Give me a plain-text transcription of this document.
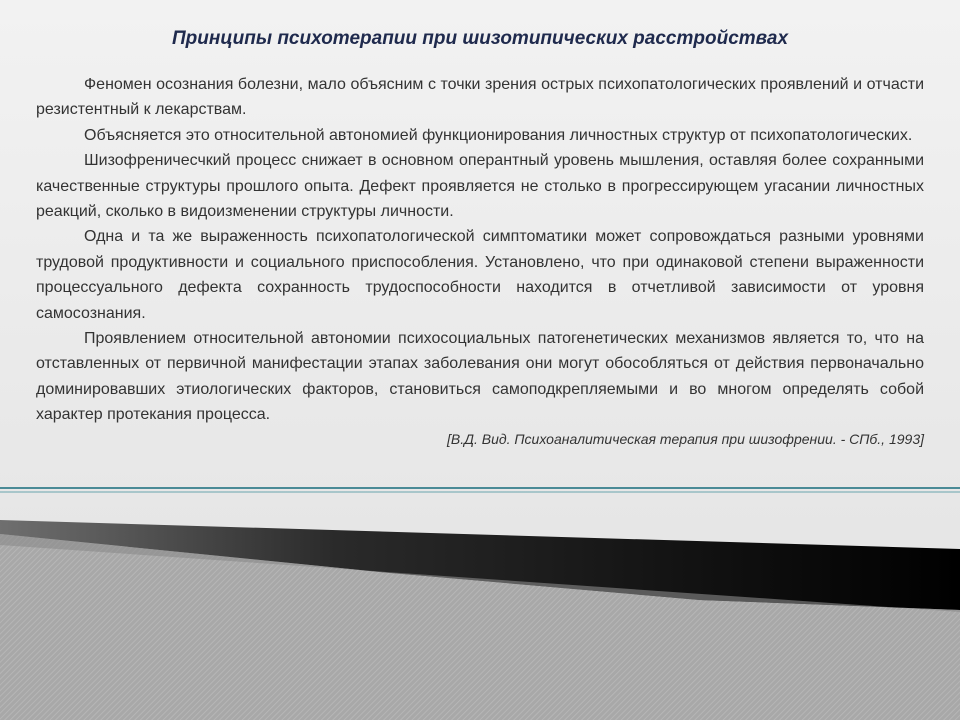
Принципы психотерапии при шизотипических расстройствах

Феномен осознания болезни, мало объясним с точки зрения острых психопатологических проявлений и отчасти резистентный к лекарствам.

Объясняется это относительной автономией функционирования личностных структур от психопатологических.

Шизофреничесчкий процесс снижает в основном оперантный уровень мышления, оставляя более сохранными качественные структуры прошлого опыта. Дефект проявляется не столько в прогрессирующем угасании личностных реакций, сколько в видоизменении структуры личности.

Одна и та же выраженность психопатологической симптоматики может сопровождаться разными уровнями трудовой продуктивности и социального приспособления. Установлено, что при одинаковой степени выраженности процессуального дефекта сохранность трудоспособности находится в отчетливой зависимости от уровня самосознания.

Проявлением относительной автономии психосоциальных патогенетических механизмов является то, что на отставленных от первичной манифестации этапах заболевания они могут обособляться от действия первоначально доминировавших этиологических факторов, становиться самоподкрепляемыми и во многом определять собой характер протекания процесса.

[В.Д. Вид. Психоаналитическая терапия при шизофрении. - СПб., 1993]
